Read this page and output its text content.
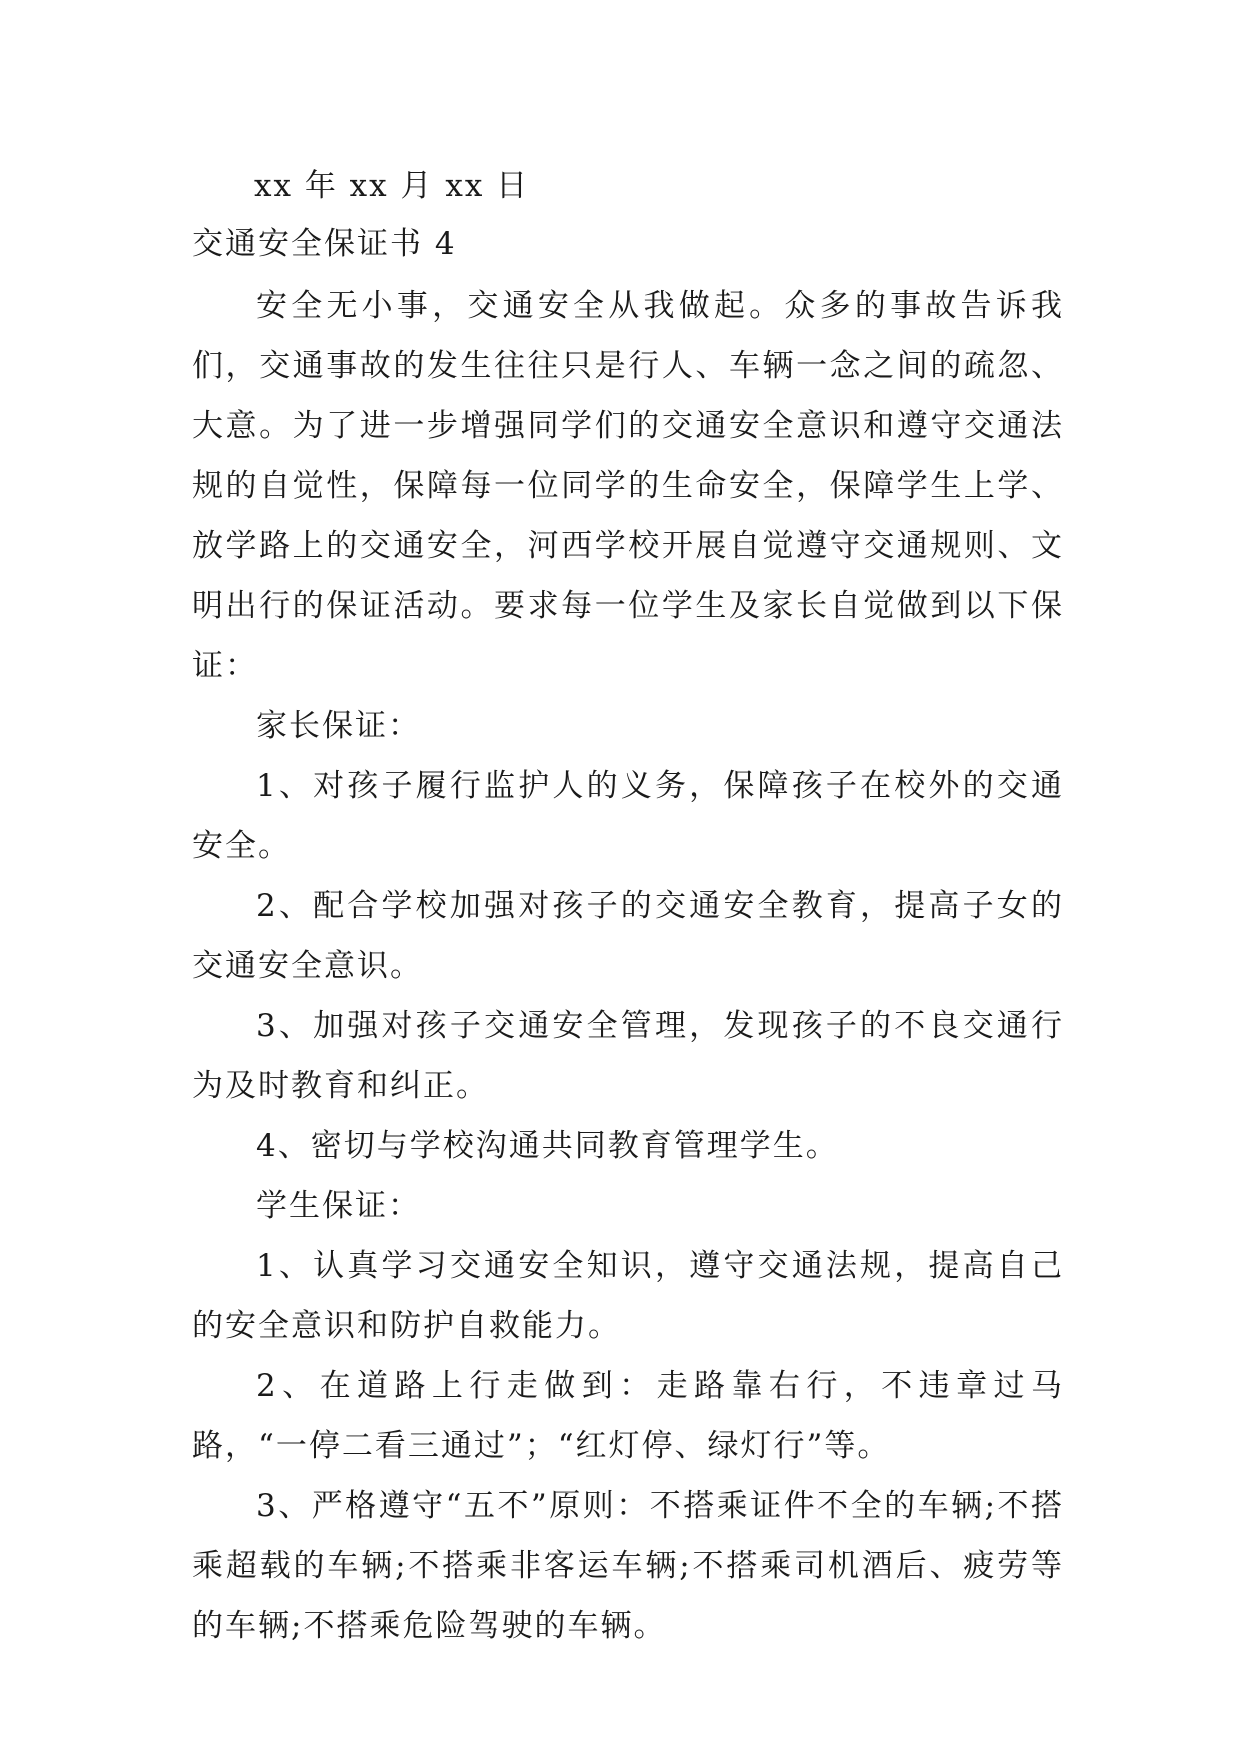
xx 年 xx 月 xx 日

交通安全保证书 4

安全无小事，交通安全从我做起。众多的事故告诉我们，交通事故的发生往往只是行人、车辆一念之间的疏忽、大意。为了进一步增强同学们的交通安全意识和遵守交通法规的自觉性，保障每一位同学的生命安全，保障学生上学、放学路上的交通安全，河西学校开展自觉遵守交通规则、文明出行的保证活动。要求每一位学生及家长自觉做到以下保证：

家长保证：

1、对孩子履行监护人的义务，保障孩子在校外的交通安全。

2、配合学校加强对孩子的交通安全教育，提高子女的交通安全意识。

3、加强对孩子交通安全管理，发现孩子的不良交通行为及时教育和纠正。

4、密切与学校沟通共同教育管理学生。

学生保证：

1、认真学习交通安全知识，遵守交通法规，提高自己的安全意识和防护自救能力。

2、在道路上行走做到：走路靠右行，不违章过马路，“一停二看三通过”；“红灯停、绿灯行”等。

3、严格遵守“五不”原则：不搭乘证件不全的车辆;不搭乘超载的车辆;不搭乘非客运车辆;不搭乘司机酒后、疲劳等的车辆;不搭乘危险驾驶的车辆。
